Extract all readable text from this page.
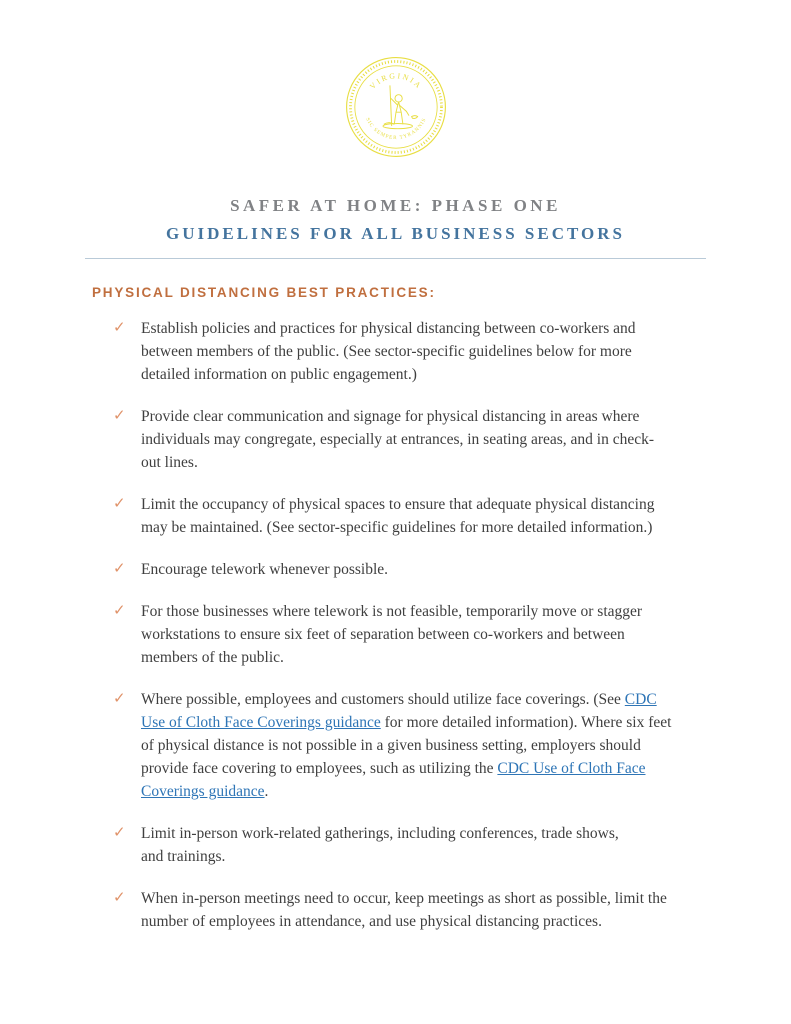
VIRGINIA
SIC SEMPER TYRANNIS
SAFER AT HOME: PHASE ONE
GUIDELINES FOR ALL BUSINESS SECTORS
PHYSICAL DISTANCING BEST PRACTICES:
✓ Establish policies and practices for physical distancing between co-workers and between members of the public. (See sector-specific guidelines below for more detailed information on public engagement.)
✓ Provide clear communication and signage for physical distancing in areas where individuals may congregate, especially at entrances, in seating areas, and in check-out lines.
✓ Limit the occupancy of physical spaces to ensure that adequate physical distancing may be maintained. (See sector-specific guidelines for more detailed information.)
✓ Encourage telework whenever possible.
✓ For those businesses where telework is not feasible, temporarily move or stagger workstations to ensure six feet of separation between co-workers and between members of the public.
✓ Where possible, employees and customers should utilize face coverings. (See CDC Use of Cloth Face Coverings guidance for more detailed information). Where six feet of physical distance is not possible in a given business setting, employers should provide face covering to employees, such as utilizing the CDC Use of Cloth Face Coverings guidance.
✓ Limit in-person work-related gatherings, including conferences, trade shows,
and trainings.
✓ When in-person meetings need to occur, keep meetings as short as possible, limit the number of employees in attendance, and use physical distancing practices.
